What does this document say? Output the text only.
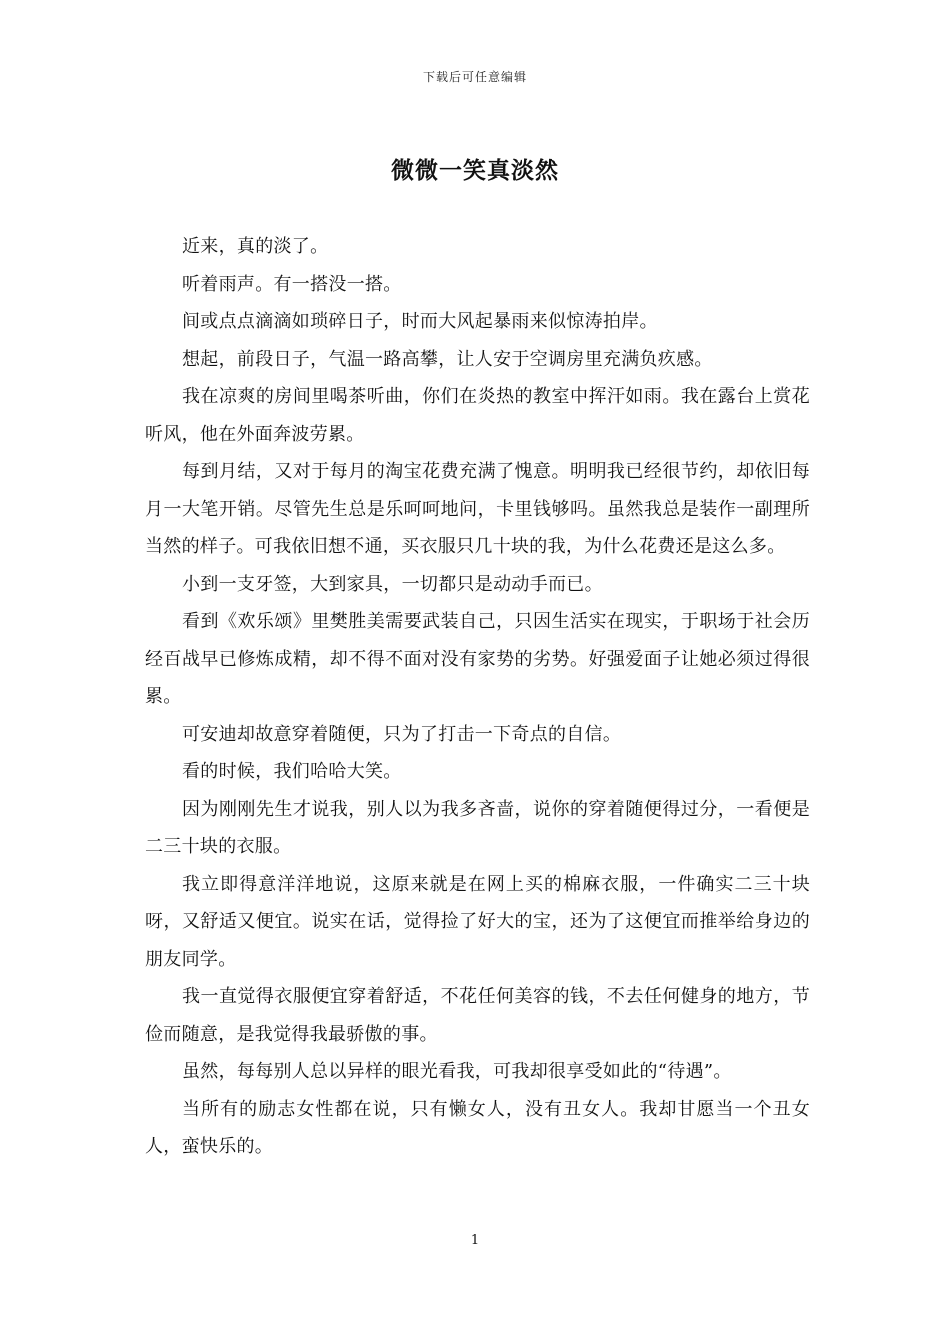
下载后可任意编辑
微微一笑真淡然

近来，真的淡了。

听着雨声。有一搭没一搭。

间或点点滴滴如琐碎日子，时而大风起暴雨来似惊涛拍岸。

想起，前段日子，气温一路高攀，让人安于空调房里充满负疚感。

我在凉爽的房间里喝茶听曲，你们在炎热的教室中挥汗如雨。我在露台上赏花听风，他在外面奔波劳累。

每到月结，又对于每月的淘宝花费充满了愧意。明明我已经很节约，却依旧每月一大笔开销。尽管先生总是乐呵呵地问，卡里钱够吗。虽然我总是装作一副理所当然的样子。可我依旧想不通，买衣服只几十块的我，为什么花费还是这么多。

小到一支牙签，大到家具，一切都只是动动手而已。

看到《欢乐颂》里樊胜美需要武装自己，只因生活实在现实，于职场于社会历经百战早已修炼成精，却不得不面对没有家势的劣势。好强爱面子让她必须过得很累。

可安迪却故意穿着随便，只为了打击一下奇点的自信。

看的时候，我们哈哈大笑。

因为刚刚先生才说我，别人以为我多吝啬，说你的穿着随便得过分，一看便是二三十块的衣服。

我立即得意洋洋地说，这原来就是在网上买的棉麻衣服，一件确实二三十块呀，又舒适又便宜。说实在话，觉得捡了好大的宝，还为了这便宜而推举给身边的朋友同学。

我一直觉得衣服便宜穿着舒适，不花任何美容的钱，不去任何健身的地方，节俭而随意，是我觉得我最骄傲的事。

虽然，每每别人总以异样的眼光看我，可我却很享受如此的“待遇”。

当所有的励志女性都在说，只有懒女人，没有丑女人。我却甘愿当一个丑女人，蛮快乐的。

1
